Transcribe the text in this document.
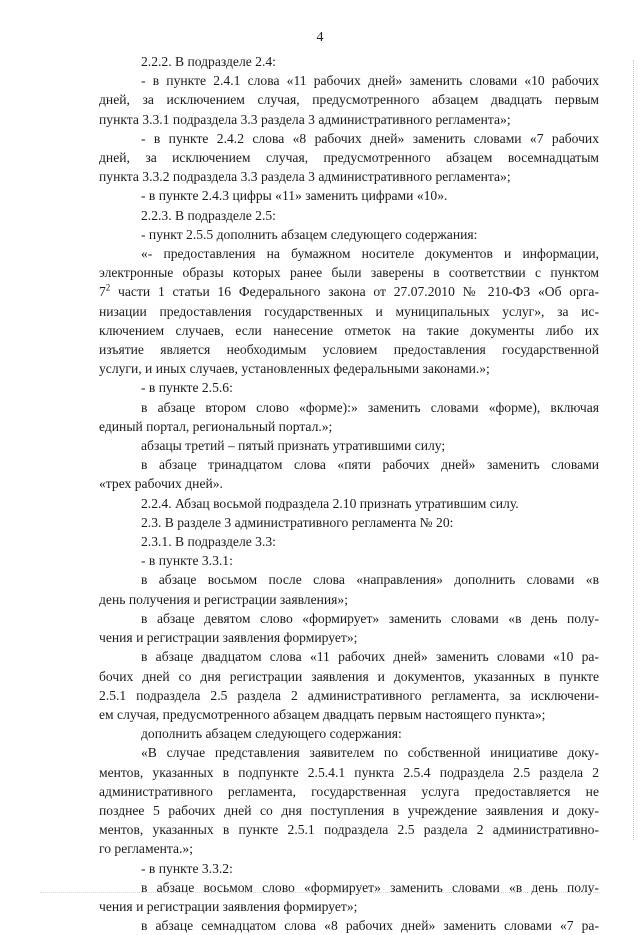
4
2.2.2. В подразделе 2.4:
- в пункте 2.4.1 слова «11 рабочих дней» заменить словами «10 рабочих
дней, за исключением случая, предусмотренного абзацем двадцать первым
пункта 3.3.1 подраздела 3.3 раздела 3 административного регламента»;
- в пункте 2.4.2 слова «8 рабочих дней» заменить словами «7 рабочих
дней, за исключением случая, предусмотренного абзацем восемнадцатым
пункта 3.3.2 подраздела 3.3 раздела 3 административного регламента»;
- в пункте 2.4.3 цифры «11» заменить цифрами «10».
2.2.3. В подразделе 2.5:
- пункт 2.5.5 дополнить абзацем следующего содержания:
«- предоставления на бумажном носителе документов и информации,
электронные образы которых ранее были заверены в соответствии с пунктом
$7^2$ части 1 статьи 16 Федерального закона от 27.07.2010 № 210-ФЗ «Об орга-
низации предоставления государственных и муниципальных услуг», за ис-
ключением случаев, если нанесение отметок на такие документы либо их
изъятие является необходимым условием предоставления государственной
услуги, и иных случаев, установленных федеральными законами.»;
- в пункте 2.5.6:
в абзаце втором слово «форме):» заменить словами «форме), включая
единый портал, региональный портал.»;
абзацы третий – пятый признать утратившими силу;
в абзаце тринадцатом слова «пяти рабочих дней» заменить словами
«трех рабочих дней».
2.2.4. Абзац восьмой подраздела 2.10 признать утратившим силу.
2.3. В разделе 3 административного регламента № 20:
2.3.1. В подразделе 3.3:
- в пункте 3.3.1:
в абзаце восьмом после слова «направления» дополнить словами «в
день получения и регистрации заявления»;
в абзаце девятом слово «формирует» заменить словами «в день полу-
чения и регистрации заявления формирует»;
в абзаце двадцатом слова «11 рабочих дней» заменить словами «10 ра-
бочих дней со дня регистрации заявления и документов, указанных в пункте
2.5.1 подраздела 2.5 раздела 2 административного регламента, за исключени-
ем случая, предусмотренного абзацем двадцать первым настоящего пункта»;
дополнить абзацем следующего содержания:
«В случае представления заявителем по собственной инициативе доку-
ментов, указанных в подпункте 2.5.4.1 пункта 2.5.4 подраздела 2.5 раздела 2
административного регламента, государственная услуга предоставляется не
позднее 5 рабочих дней со дня поступления в учреждение заявления и доку-
ментов, указанных в пункте 2.5.1 подраздела 2.5 раздела 2 административно-
го регламента.»;
- в пункте 3.3.2:
в абзаце восьмом слово «формирует» заменить словами «в день полу-
чения и регистрации заявления формирует»;
в абзаце семнадцатом слова «8 рабочих дней» заменить словами «7 ра-
